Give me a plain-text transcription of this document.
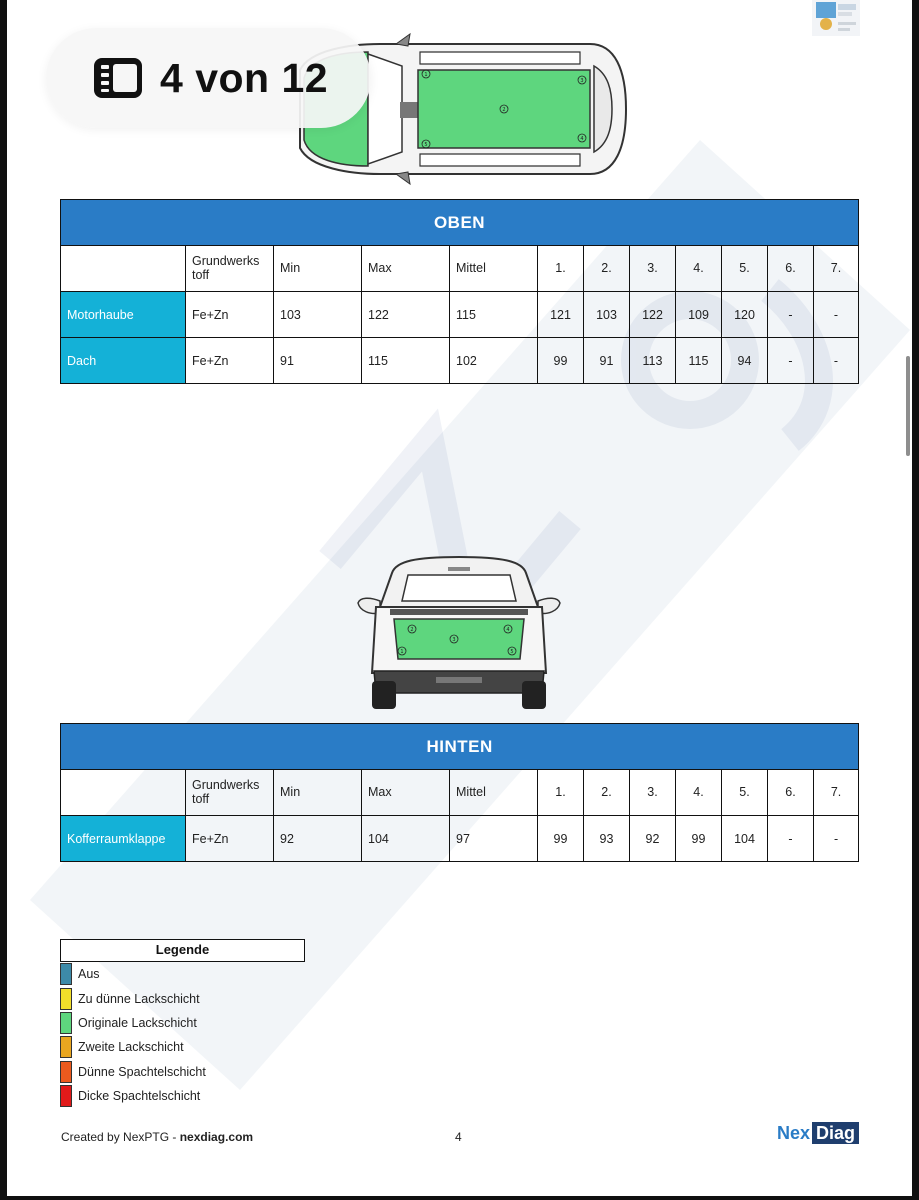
1
2
3
4
5
4 von 12
OBEN											
	Grundwerks toff	Min	Max	Mittel	1.	2.	3.	4.	5.	6.	7.
Motorhaube	Fe+Zn	103	122	115	121	103	122	109	120	-	-
Dach	Fe+Zn	91	115	102	99	91	113	115	94	-	-
1
2
3
4
5
HINTEN											
	Grundwerks toff	Min	Max	Mittel	1.	2.	3.	4.	5.	6.	7.
Kofferraumklappe	Fe+Zn	92	104	97	99	93	92	99	104	-	-
Legende
Aus
Zu dünne Lackschicht
Originale Lackschicht
Zweite Lackschicht
Dünne Spachtelschicht
Dicke Spachtelschicht
Created by NexPTG - nexdiag.com	4	Nex Diag
